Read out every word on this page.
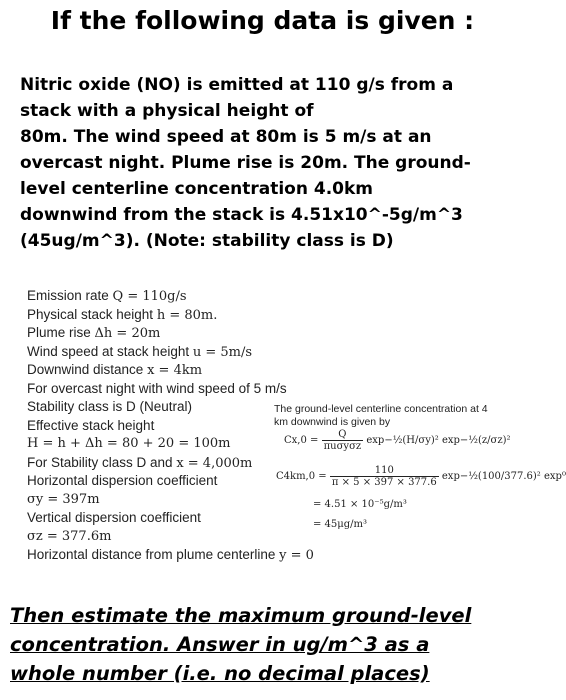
If the following data is given :
Nitric oxide (NO) is emitted at 110 g/s from a
stack with a physical height of
80m. The wind speed at 80m is 5 m/s at an
overcast night. Plume rise is 20m. The ground-
level centerline concentration 4.0km
downwind from the stack is 4.51x10^-5g/m^3
(45ug/m^3). (Note: stability class is D)
Emission rate Q = 110g/s
Physical stack height h = 80m.
Plume rise Δh = 20m
Wind speed at stack height u = 5m/s
Downwind distance x = 4km
For overcast night with wind speed of 5 m/s
Stability class is D (Neutral)
Effective stack height
H = h + Δh = 80 + 20 = 100m
For Stability class D and x = 4,000m
Horizontal dispersion coefficient
σy = 397m
Vertical dispersion coefficient
σz = 377.6m
Horizontal distance from plume centerline y = 0
The ground-level centerline concentration at 4
km downwind is given by
$Cx,0 = \frac{Q}{\text{πuσyσz}}$ exp−½(H/σy)² exp−½(z/σz)²
$C4km,0 = \frac{110}{\pi \times 5 \times 397 \times 377.6}$ exp−½(100/377.6)² exp⁰
= 4.51 × 10⁻⁵g/m³
= 45μg/m³
Then estimate the maximum ground-level
concentration. Answer in ug/m^3 as a
whole number (i.e. no decimal places)
